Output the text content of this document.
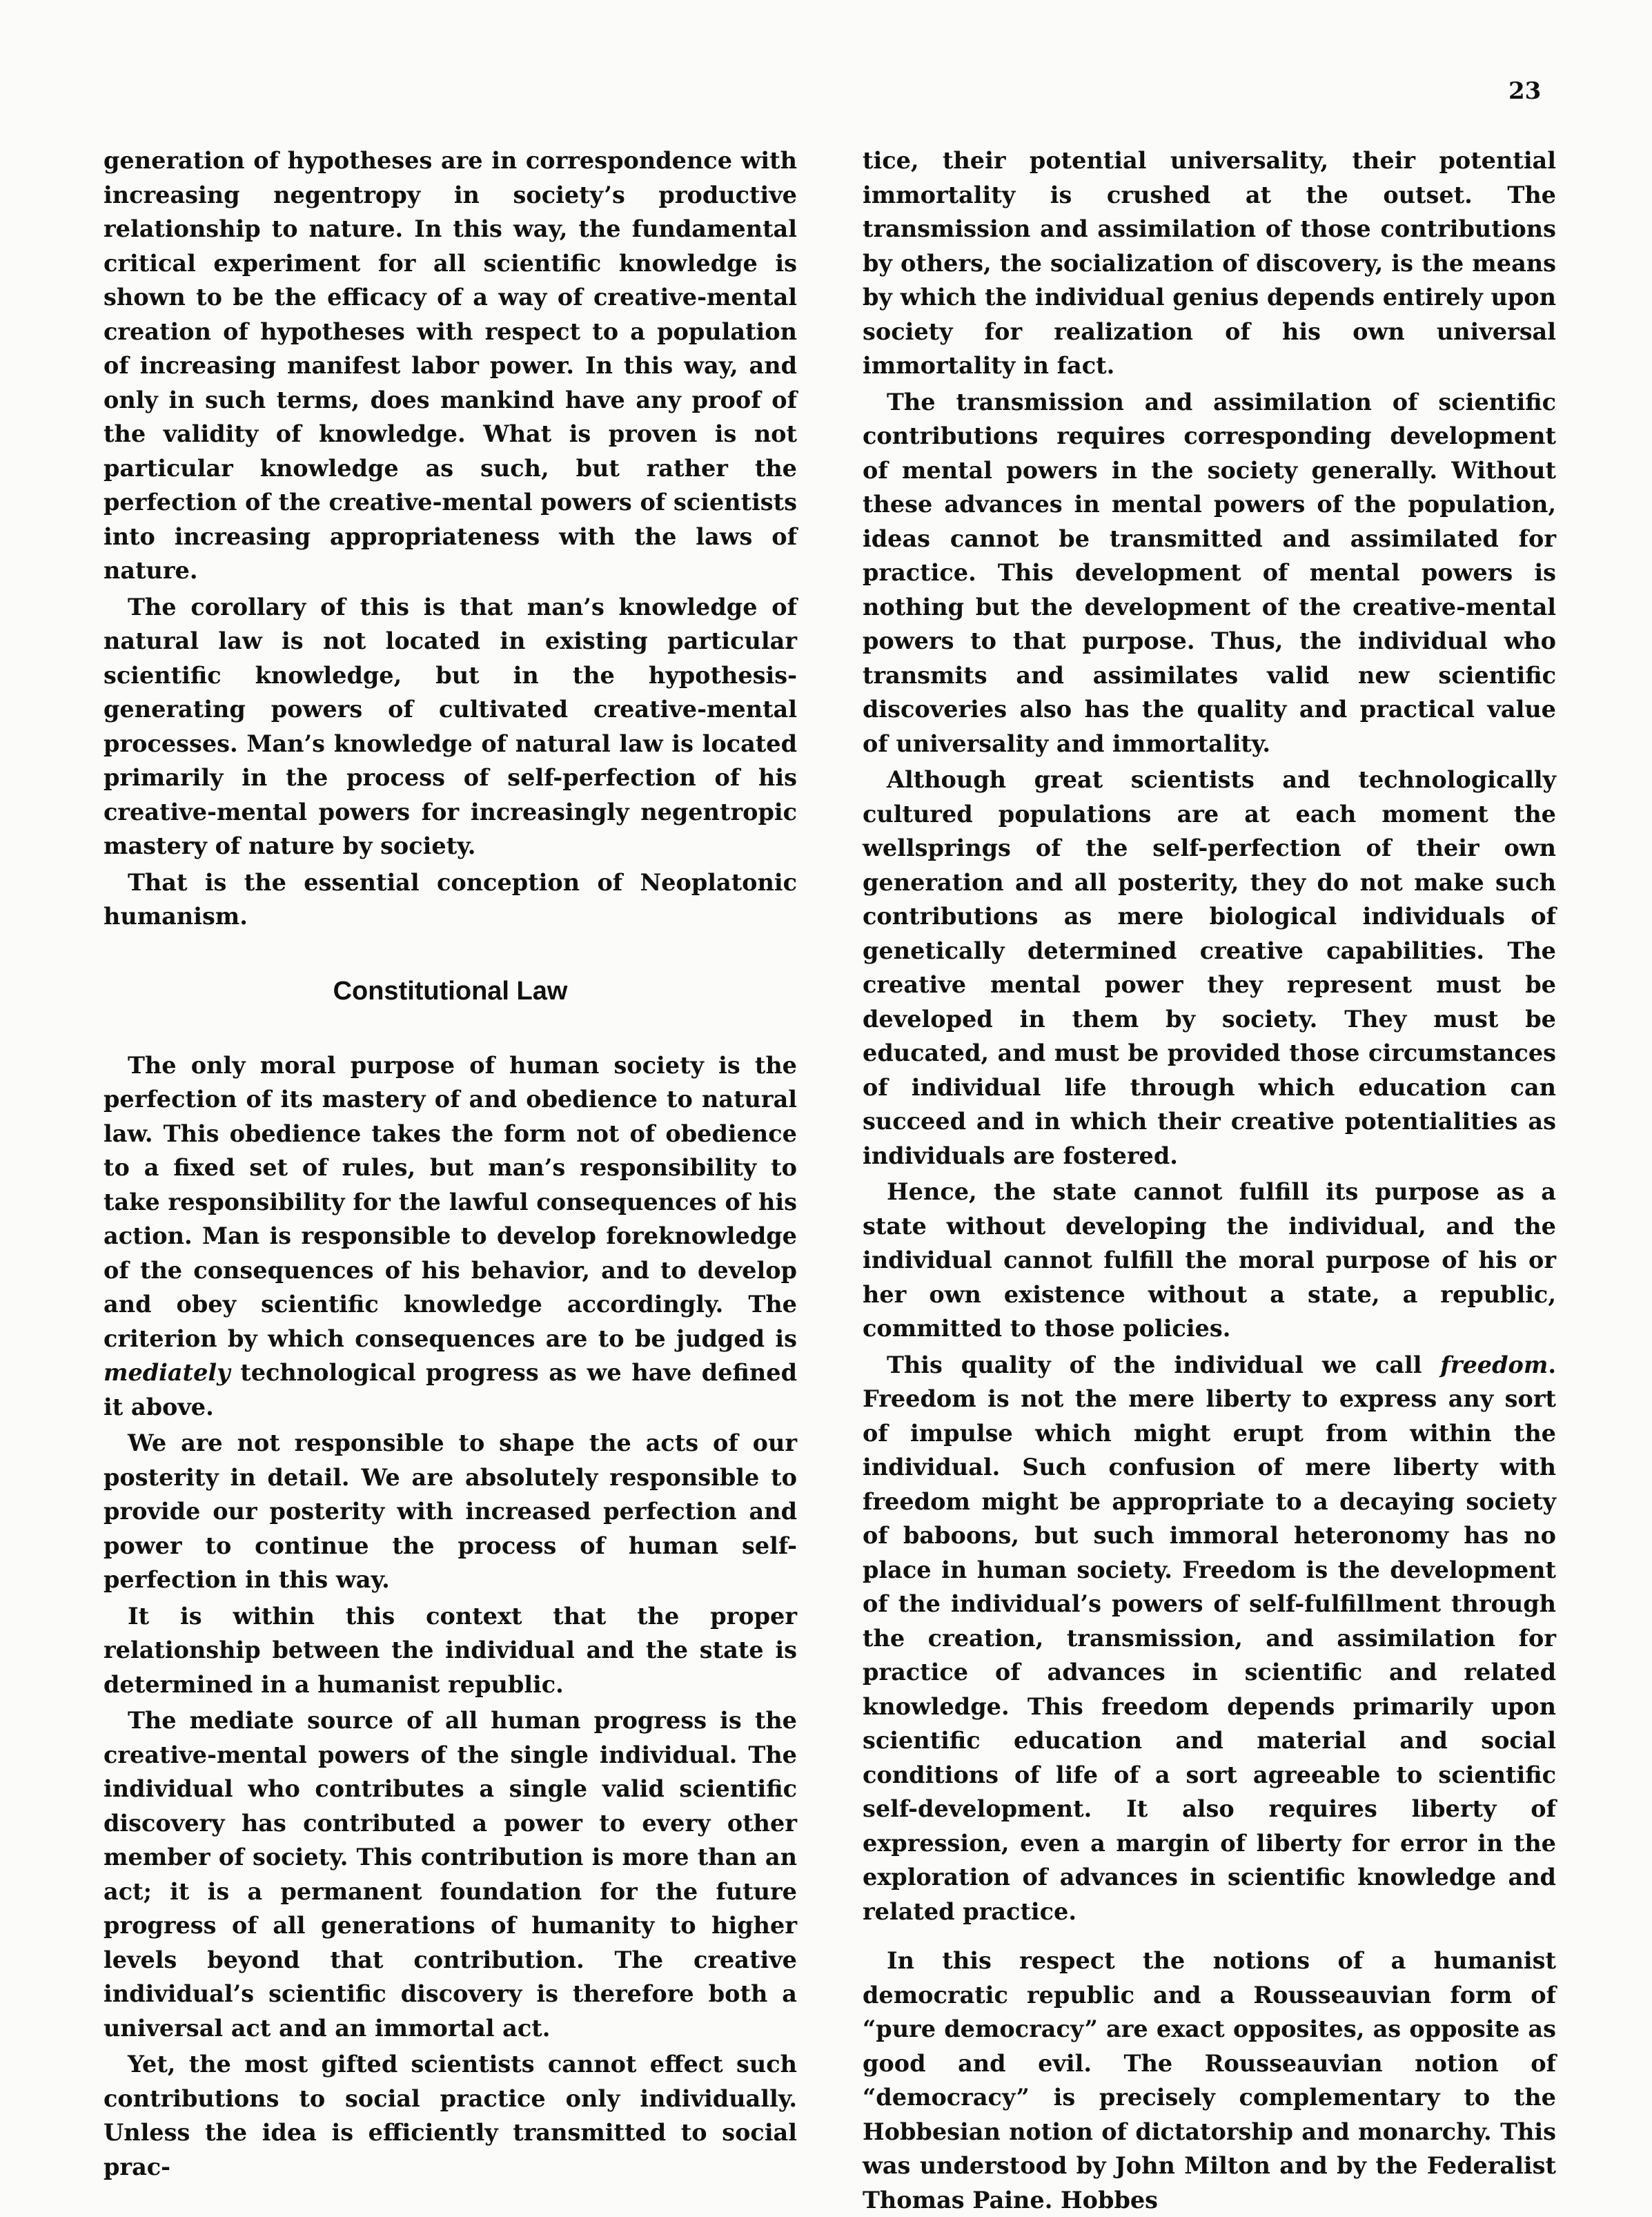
23

generation of hypotheses are in correspondence with increasing negentropy in society’s productive relationship to nature. In this way, the fundamental critical experiment for all scientific knowledge is shown to be the efficacy of a way of creative-mental creation of hypotheses with respect to a population of increasing manifest labor power. In this way, and only in such terms, does mankind have any proof of the validity of knowledge. What is proven is not particular knowledge as such, but rather the perfection of the creative-mental powers of scientists into increasing appropriateness with the laws of nature.

The corollary of this is that man’s knowledge of natural law is not located in existing particular scientific knowledge, but in the hypothesis-generating powers of cultivated creative-mental processes. Man’s knowledge of natural law is located primarily in the process of self-perfection of his creative-mental powers for increasingly negentropic mastery of nature by society.

That is the essential conception of Neoplatonic humanism.

Constitutional Law

The only moral purpose of human society is the perfection of its mastery of and obedience to natural law. This obedience takes the form not of obedience to a fixed set of rules, but man’s responsibility to take responsibility for the lawful consequences of his action. Man is responsible to develop foreknowledge of the consequences of his behavior, and to develop and obey scientific knowledge accordingly. The criterion by which consequences are to be judged is mediately technological progress as we have defined it above.

We are not responsible to shape the acts of our posterity in detail. We are absolutely responsible to provide our posterity with increased perfection and power to continue the process of human self-perfection in this way.

It is within this context that the proper relationship between the individual and the state is determined in a humanist republic.

The mediate source of all human progress is the creative-mental powers of the single individual. The individual who contributes a single valid scientific discovery has contributed a power to every other member of society. This contribution is more than an act; it is a permanent foundation for the future progress of all generations of humanity to higher levels beyond that contribution. The creative individual’s scientific discovery is therefore both a universal act and an immortal act.

Yet, the most gifted scientists cannot effect such contributions to social practice only individually. Unless the idea is efficiently transmitted to social prac-

tice, their potential universality, their potential immortality is crushed at the outset. The transmission and assimilation of those contributions by others, the socialization of discovery, is the means by which the individual genius depends entirely upon society for realization of his own universal immortality in fact.

The transmission and assimilation of scientific contributions requires corresponding development of mental powers in the society generally. Without these advances in mental powers of the population, ideas cannot be transmitted and assimilated for practice. This development of mental powers is nothing but the development of the creative-mental powers to that purpose. Thus, the individual who transmits and assimilates valid new scientific discoveries also has the quality and practical value of universality and immortality.

Although great scientists and technologically cultured populations are at each moment the wellsprings of the self-perfection of their own generation and all posterity, they do not make such contributions as mere biological individuals of genetically determined creative capabilities. The creative mental power they represent must be developed in them by society. They must be educated, and must be provided those circumstances of individual life through which education can succeed and in which their creative potentialities as individuals are fostered.

Hence, the state cannot fulfill its purpose as a state without developing the individual, and the individual cannot fulfill the moral purpose of his or her own existence without a state, a republic, committed to those policies.

This quality of the individual we call freedom. Freedom is not the mere liberty to express any sort of impulse which might erupt from within the individual. Such confusion of mere liberty with freedom might be appropriate to a decaying society of baboons, but such immoral heteronomy has no place in human society. Freedom is the development of the individual’s powers of self-fulfillment through the creation, transmission, and assimilation for practice of advances in scientific and related knowledge. This freedom depends primarily upon scientific education and material and social conditions of life of a sort agreeable to scientific self-development. It also requires liberty of expression, even a margin of liberty for error in the exploration of advances in scientific knowledge and related practice.

In this respect the notions of a humanist democratic republic and a Rousseauvian form of “pure democracy” are exact opposites, as opposite as good and evil. The Rousseauvian notion of “democracy” is precisely complementary to the Hobbesian notion of dictatorship and monarchy. This was understood by John Milton and by the Federalist Thomas Paine. Hobbes
